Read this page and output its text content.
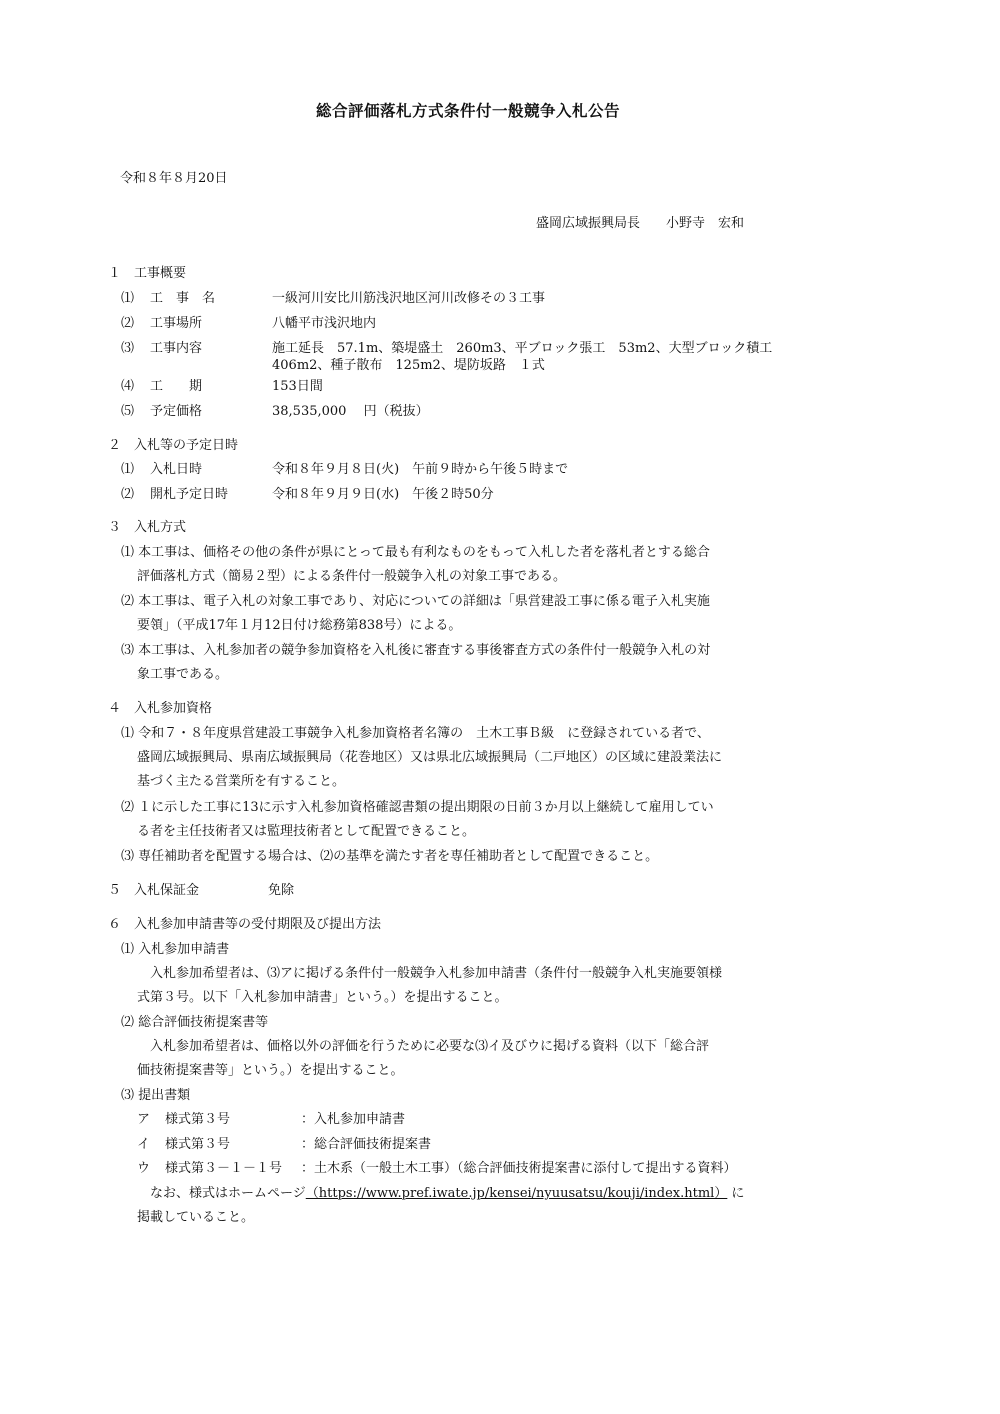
総合評価落札方式条件付一般競争入札公告
令和８年８月20日
盛岡広域振興局長　　小野寺　宏和
１　工事概要
⑴ 工　事　名	一級河川安比川筋浅沢地区河川改修その３工事
⑵ 工事場所	八幡平市浅沢地内
⑶ 工事内容	施工延長　57.1m、築堤盛土　260m3、平ブロック張工　53m2、大型ブロック積工
406m2、種子散布　125m2、堤防坂路　１式
⑷ 工　　期	153日間
⑸ 予定価格	38,535,000　 円（税抜）
２　入札等の予定日時
⑴ 入札日時	令和８年９月８日(火)　午前９時から午後５時まで
⑵ 開札予定日時	令和８年９月９日(水)　午後２時50分
３　入札方式
⑴ 本工事は、価格その他の条件が県にとって最も有利なものをもって入札した者を落札者とする総合
評価落札方式（簡易２型）による条件付一般競争入札の対象工事である。
⑵ 本工事は、電子入札の対象工事であり、対応についての詳細は「県営建設工事に係る電子入札実施
要領」（平成17年１月12日付け総務第838号）による。
⑶ 本工事は、入札参加者の競争参加資格を入札後に審査する事後審査方式の条件付一般競争入札の対
象工事である。
４　入札参加資格
⑴ 令和７・８年度県営建設工事競争入札参加資格者名簿の　土木工事Ｂ級　に登録されている者で、
盛岡広域振興局、県南広域振興局（花巻地区）又は県北広域振興局（二戸地区）の区域に建設業法に
基づく主たる営業所を有すること。
⑵ １に示した工事に13に示す入札参加資格確認書類の提出期限の日前３か月以上継続して雇用してい
る者を主任技術者又は監理技術者として配置できること。
⑶ 専任補助者を配置する場合は、⑵の基準を満たす者を専任補助者として配置できること。
５　入札保証金	免除
６　入札参加申請書等の受付期限及び提出方法
⑴ 入札参加申請書
入札参加希望者は、⑶アに掲げる条件付一般競争入札参加申請書（条件付一般競争入札実施要領様
式第３号。以下「入札参加申請書」という。）を提出すること。
⑵ 総合評価技術提案書等
入札参加希望者は、価格以外の評価を行うために必要な⑶イ及びウに掲げる資料（以下「総合評
価技術提案書等」という。）を提出すること。
⑶ 提出書類
ア 様式第３号	：入札参加申請書
イ 様式第３号	：総合評価技術提案書
ウ 様式第３－１－１号 ：土木系（一般土木工事）（総合評価技術提案書に添付して提出する資料）
なお、様式はホームページ（https://www.pref.iwate.jp/kensei/nyuusatsu/kouji/index.html） に
掲載していること。
